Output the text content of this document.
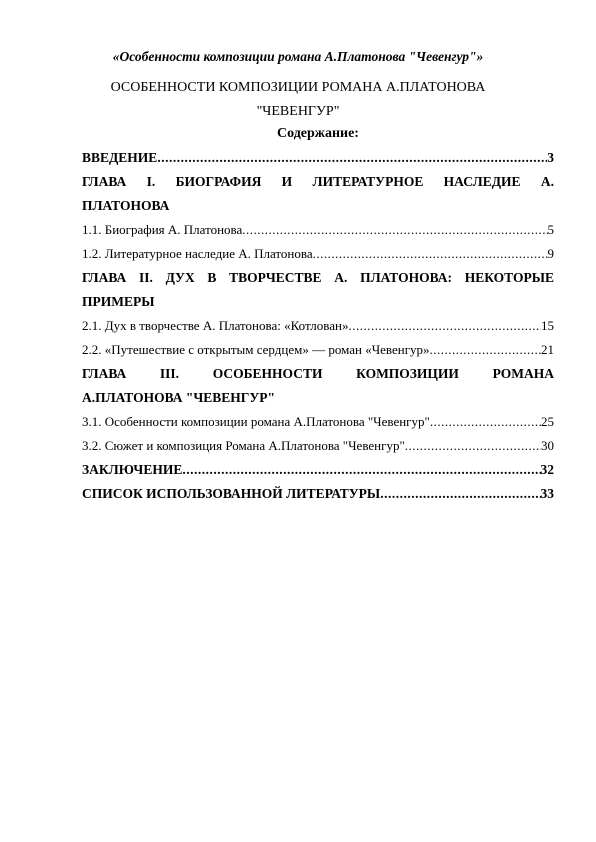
«Особенности композиции романа А.Платонова "Чевенгур"»
ОСОБЕННОСТИ КОМПОЗИЦИИ РОМАНА А.ПЛАТОНОВА
"ЧЕВЕНГУР"
Содержание:
ВВЕДЕНИЕ .....	3
ГЛАВА I. БИОГРАФИЯ И ЛИТЕРАТУРНОЕ НАСЛЕДИЕ А.
ПЛАТОНОВА
1.1. Биография А. Платонова .....	5
1.2. Литературное наследие А. Платонова .....	9
ГЛАВА II. ДУХ В ТВОРЧЕСТВЕ А. ПЛАТОНОВА: НЕКОТОРЫЕ
ПРИМЕРЫ
2.1. Дух в творчестве А. Платонова: «Котлован» .....	15
2.2. «Путешествие с открытым сердцем» — роман «Чевенгур» .....	21
ГЛАВА III. ОСОБЕННОСТИ КОМПОЗИЦИИ РОМАНА
А.ПЛАТОНОВА "ЧЕВЕНГУР"
3.1. Особенности композиции романа А.Платонова "Чевенгур" .....	25
3.2. Сюжет и композиция Романа А.Платонова "Чевенгур" .....	30
ЗАКЛЮЧЕНИЕ .....	32
СПИСОК ИСПОЛЬЗОВАННОЙ ЛИТЕРАТУРЫ .....	33
